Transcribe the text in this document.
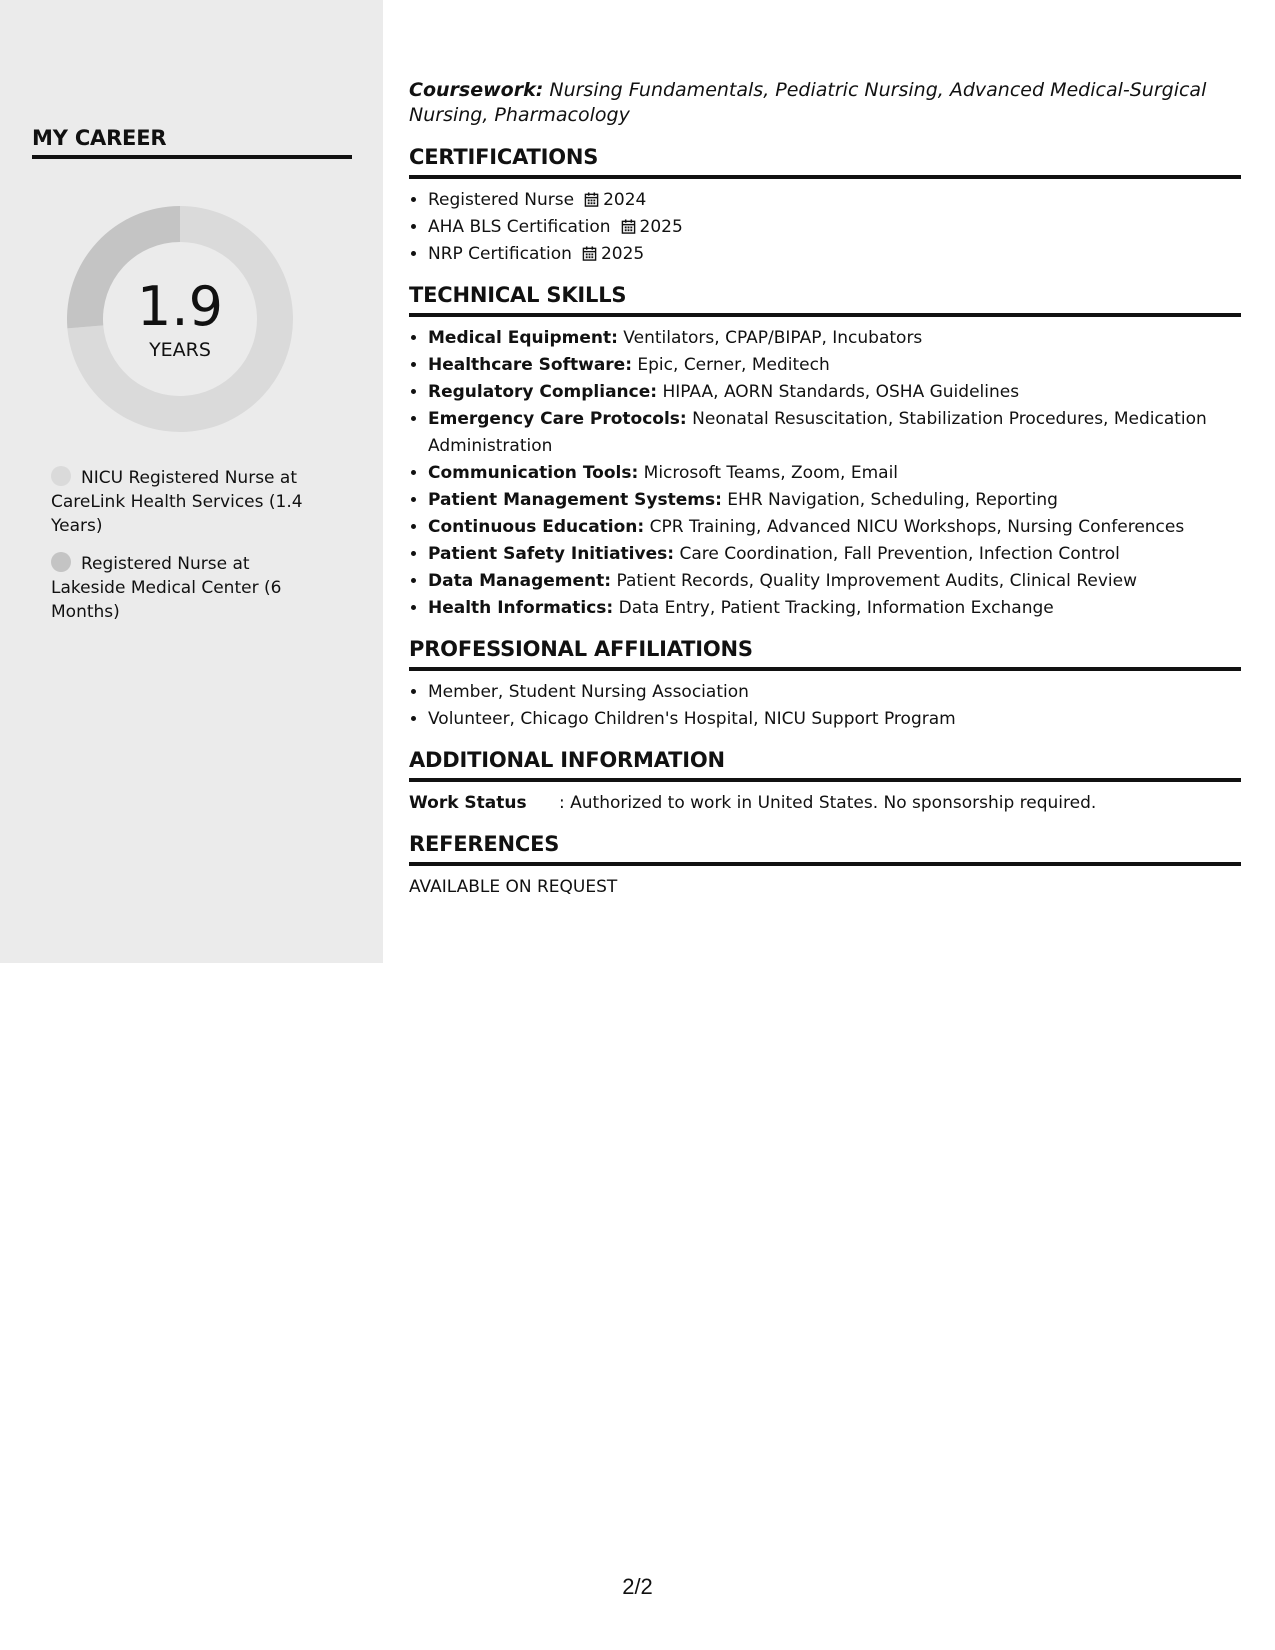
MY CAREER
1.9
YEARS
NICU Registered Nurse at CareLink Health Services (1.4 Years)
Registered Nurse at Lakeside Medical Center (6 Months)

Coursework: Nursing Fundamentals, Pediatric Nursing, Advanced Medical-Surgical Nursing, Pharmacology

CERTIFICATIONS
• Registered Nurse 2024
• AHA BLS Certification 2025
• NRP Certification 2025
TECHNICAL SKILLS
• Medical Equipment: Ventilators, CPAP/BIPAP, Incubators
• Healthcare Software: Epic, Cerner, Meditech
• Regulatory Compliance: HIPAA, AORN Standards, OSHA Guidelines
• Emergency Care Protocols: Neonatal Resuscitation, Stabilization Procedures, Medication Administration
• Communication Tools: Microsoft Teams, Zoom, Email
• Patient Management Systems: EHR Navigation, Scheduling, Reporting
• Continuous Education: CPR Training, Advanced NICU Workshops, Nursing Conferences
• Patient Safety Initiatives: Care Coordination, Fall Prevention, Infection Control
• Data Management: Patient Records, Quality Improvement Audits, Clinical Review
• Health Informatics: Data Entry, Patient Tracking, Information Exchange
PROFESSIONAL AFFILIATIONS
• Member, Student Nursing Association
• Volunteer, Chicago Children's Hospital, NICU Support Program
ADDITIONAL INFORMATION
Work Status	: Authorized to work in United States. No sponsorship required.
REFERENCES

AVAILABLE ON REQUEST

2/2
